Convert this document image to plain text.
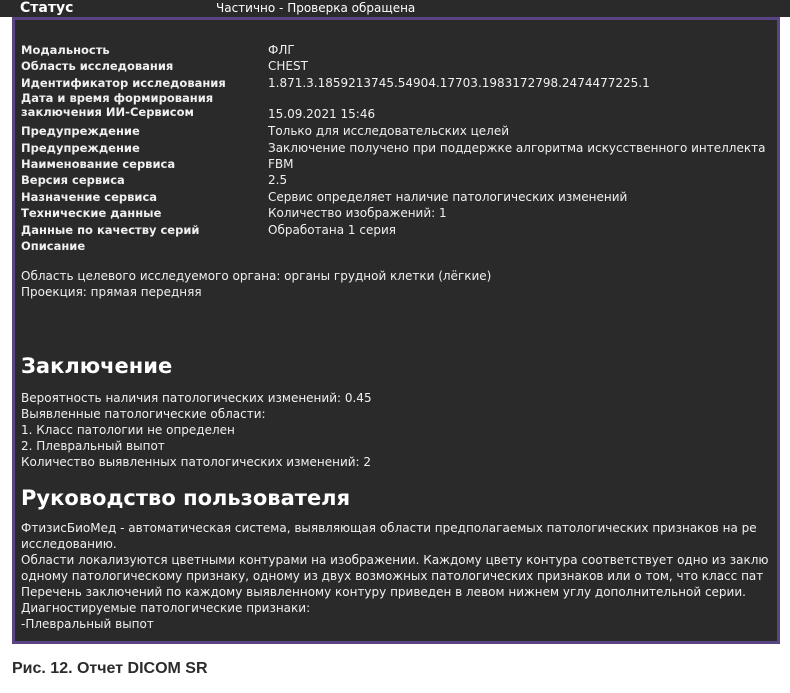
Статус	Частично - Проверка обращена
Модальность	ФЛГ
Область исследования	CHEST
Идентификатор исследования	1.871.3.1859213745.54904.17703.1983172798.2474477225.1
Дата и время формирования заключения ИИ-Сервисом	15.09.2021 15:46
Предупреждение	Только для исследовательских целей
Предупреждение	Заключение получено при поддержке алгоритма искусственного интеллекта
Наименование сервиса	FBM
Версия сервиса	2.5
Назначение сервиса	Сервис определяет наличие патологических изменений
Технические данные	Количество изображений: 1
Данные по качеству серий	Обработана 1 серия
Описание
Область целевого исследуемого органа: органы грудной клетки (лёгкие)
Проекция: прямая передняя
Заключение
Вероятность наличия патологических изменений: 0.45
Выявленные патологические области:
1. Класс патологии не определен
2. Плевральный выпот
Количество выявленных патологических изменений: 2
Руководство пользователя
ФтизисБиоМед - автоматическая система, выявляющая области предполагаемых патологических признаков на ре
исследованию.
Области локализуются цветными контурами на изображении. Каждому цвету контура соответствует одно из заклю
одному патологическому признаку, одному из двух возможных патологических признаков или о том, что класс пат
Перечень заключений по каждому выявленному контуру приведен в левом нижнем углу дополнительной серии.
Диагностируемые патологические признаки:
-Плевральный выпот
Рис. 12. Отчет DICOM SR
